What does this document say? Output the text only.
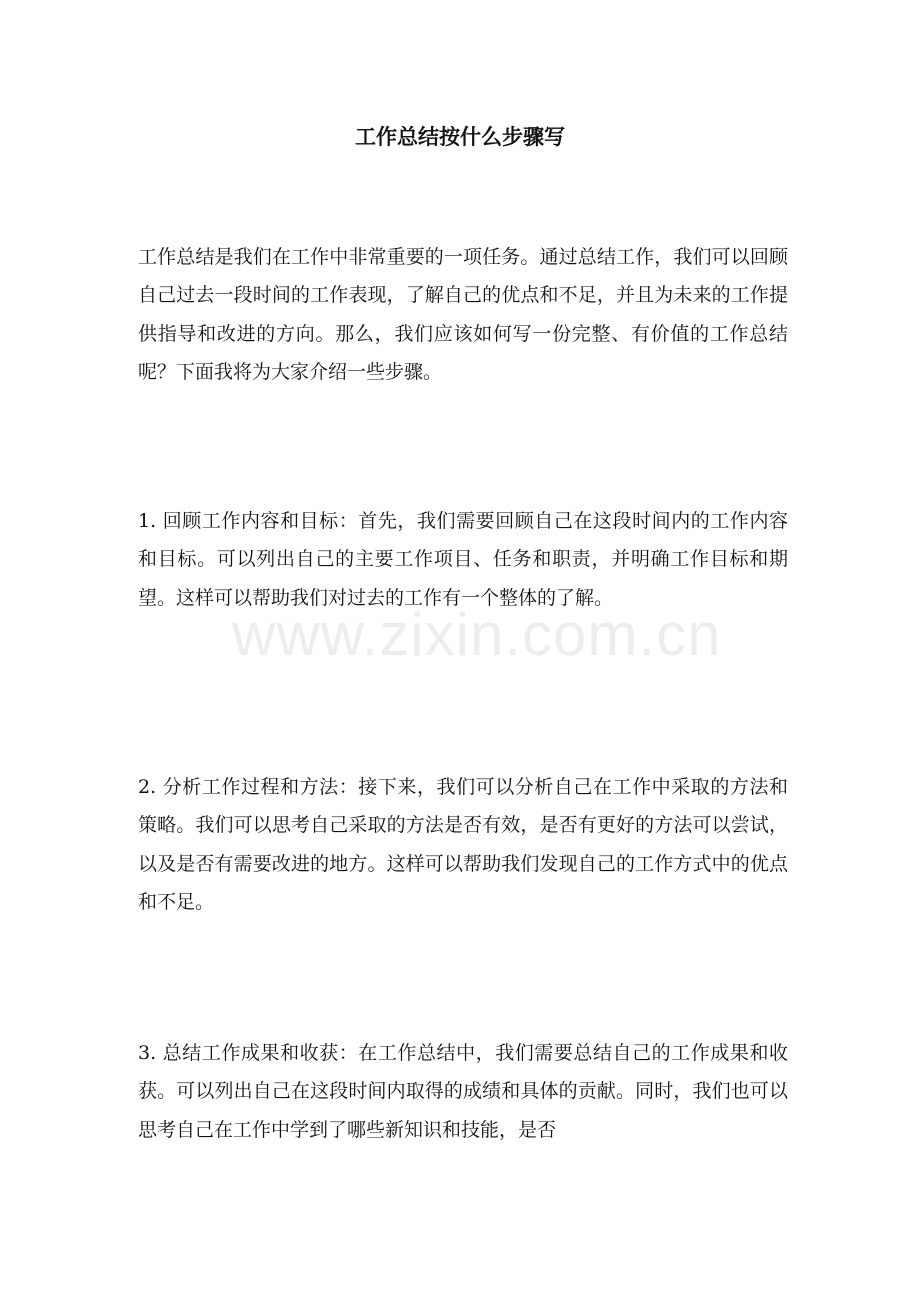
工作总结按什么步骤写

工作总结是我们在工作中非常重要的一项任务。通过总结工作，我们可以回顾自己过去一段时间的工作表现，了解自己的优点和不足，并且为未来的工作提供指导和改进的方向。那么，我们应该如何写一份完整、有价值的工作总结呢？下面我将为大家介绍一些步骤。

1. 回顾工作内容和目标：首先，我们需要回顾自己在这段时间内的工作内容和目标。可以列出自己的主要工作项目、任务和职责，并明确工作目标和期望。这样可以帮助我们对过去的工作有一个整体的了解。

2. 分析工作过程和方法：接下来，我们可以分析自己在工作中采取的方法和策略。我们可以思考自己采取的方法是否有效，是否有更好的方法可以尝试，以及是否有需要改进的地方。这样可以帮助我们发现自己的工作方式中的优点和不足。

3. 总结工作成果和收获：在工作总结中，我们需要总结自己的工作成果和收获。可以列出自己在这段时间内取得的成绩和具体的贡献。同时，我们也可以思考自己在工作中学到了哪些新知识和技能，是否

www.zixin.com.cn
